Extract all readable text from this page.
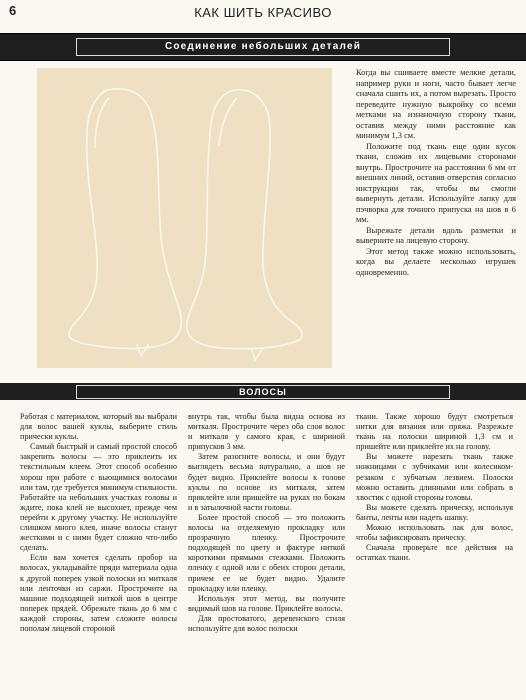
6	КАК ШИТЬ КРАСИВО
Соединение небольших деталей

Когда вы сшиваете вместе мелкие детали, например руки и ноги, часто бывает легче сначала сшить их, а потом вырезать. Просто переведите нужную выкройку со всеми метками на изнаночную сторону ткани, оставив между ними расстояние как минимум 1,3 см.

Положите под ткань еще один кусок ткани, сложив их лицевыми сторонами внутрь. Прострочите на расстоянии 6 мм от внешних линий, оставив отверстия согласно инструкции так, чтобы вы смогли вывернуть детали. Используйте лапку для пэчворка для точного припуска на шов в 6 мм.

Вырежьте детали вдоль разметки и выверните на лицевую сторону.

Этот метод также можно использовать, когда вы делаете несколько игрушек одновременно.

ВОЛОСЫ

Работая с материалом, который вы выбрали для волос вашей куклы, выберите стиль прически куклы.

Самый быстрый и самый простой способ закрепить волосы — это приклеить их текстильным клеем. Этот способ особенно хорош при работе с вьющимися волосами или там, где требуется минимум стильности. Работайте на небольших участках головы и ждите, пока клей не высохнет, прежде чем перейти к другому участку. Не используйте слишком много клея, иначе волосы станут жесткими и с ними будет сложно что-либо сделать.

Если вам хочется сделать пробор на волосах, укладывайте пряди материала одна к другой поперек узкой полоски из миткаля или ленточки из саржи. Прострочите на машине подходящей ниткой шов в центре поперек прядей. Обрежьте ткань до 6 мм с каждой стороны, затем сложите волосы пополам лицевой стороной

внутрь так, чтобы была видна основа из миткаля. Прострочите через оба слоя волос и миткаля у самого края, с шириной припусков 3 мм.

Затем разогните волосы, и они будут выглядеть весьма натурально, а шов не будет видно. Приклейте волосы к голове куклы по основе из миткаля, затем приклейте или пришейте на руках по бокам и в затылочной части головы.

Более простой способ — это положить волосы на отделяемую прокладку или прозрачную пленку. Прострочите подходящей по цвету и фактуре ниткой короткими прямыми стежками. Положить пленку с одной или с обеих сторон детали, причем ее не будет видно. Удалите прокладку или пленку.

Используя этот метод, вы получите видимый шов на голове. Приклейте волосы.

Для простоватого, деревенского стиля используйте для волос полоски

ткани. Также хорошо будут смотреться нитки для вязания или пряжа. Разрежьте ткань на полоски шириной 1,3 см и пришейте или приклейте их на голову.

Вы можете нарезать ткань также ножницами с зубчиками или колесиком-резаком с зубчатым лезвием. Полоски можно оставить длинными или собрать в хвостик с одной стороны головы.

Вы можете сделать прическу, используя банты, ленты или надеть шапку.

Можно использовать лак для волос, чтобы зафиксировать прическу.

Сначала проверьте все действия на остатках ткани.
